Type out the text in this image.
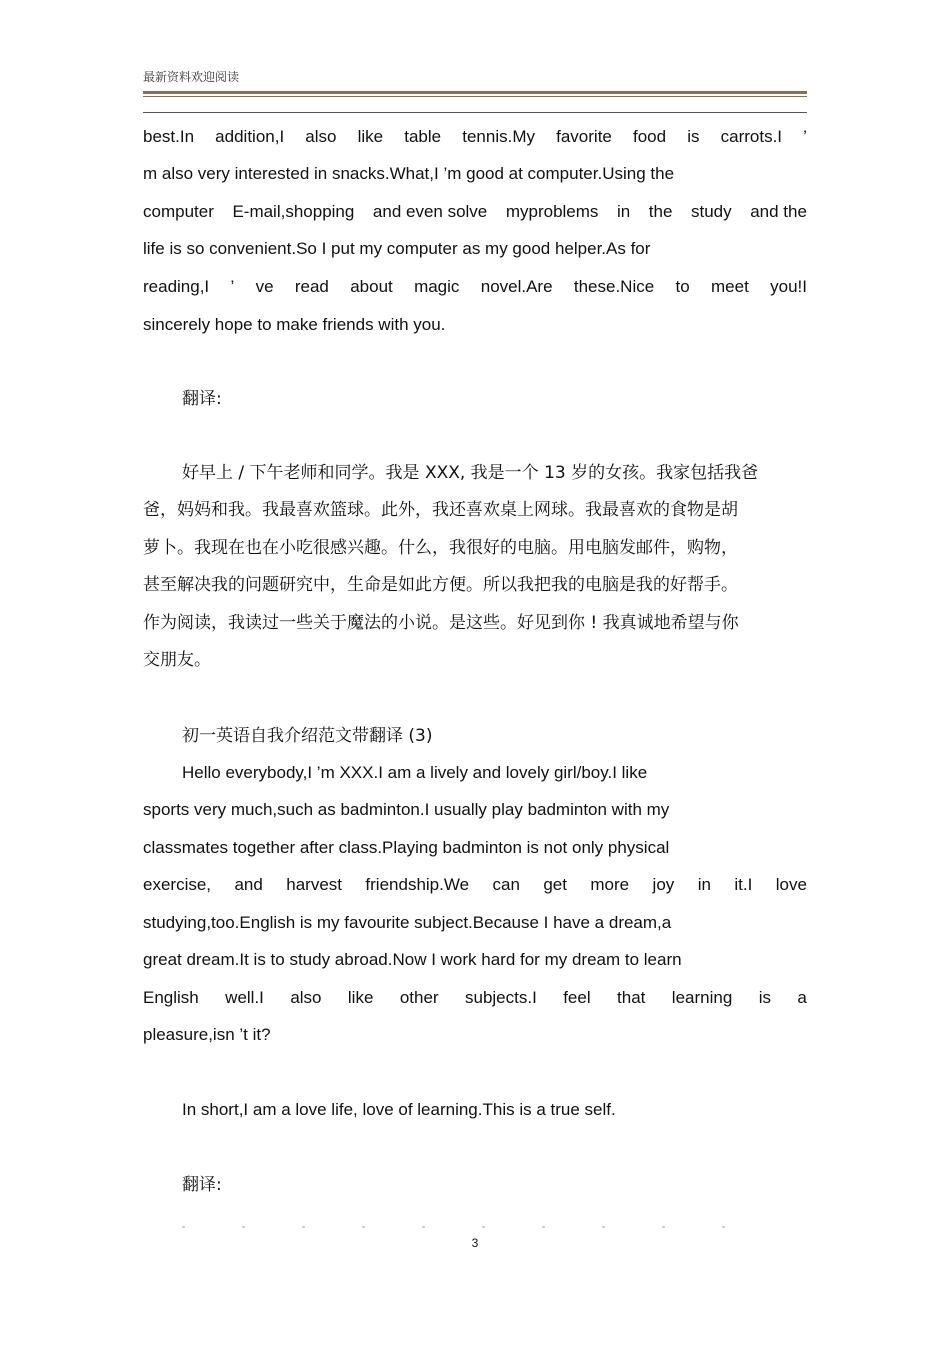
最新资料欢迎阅读
best.In addition,I also like table tennis.My favorite food is carrots.I ’
m also very interested in snacks.What,I ’m good at computer.Using the
computer E-mail,shopping and even solve myproblems in the study and the
life is so convenient.So I put my computer as my good helper.As for
reading,I ’ ve read about magic novel.Are these.Nice to meet you!I
sincerely hope to make friends with you.
翻译:
好早上 / 下午老师和同学。我是 XXX, 我是一个 13 岁的女孩。我家包括我爸
爸，妈妈和我。我最喜欢篮球。此外，我还喜欢桌上网球。我最喜欢的食物是胡
萝卜。我现在也在小吃很感兴趣。什么，我很好的电脑。用电脑发邮件，购物，
甚至解决我的问题研究中，生命是如此方便。所以我把我的电脑是我的好帮手。
作为阅读，我读过一些关于魔法的小说。是这些。好见到你 ! 我真诚地希望与你
交朋友。
初一英语自我介绍范文带翻译 (3)
Hello everybody,I ’m XXX.I am a lively and lovely girl/boy.I like
sports very much,such as badminton.I usually play badminton with my
classmates together after class.Playing badminton is not only physical
exercise, and harvest friendship.We can get more joy in it.I love
studying,too.English is my favourite subject.Because I have a dream,a
great dream.It is to study abroad.Now I work hard for my dream to learn
English well.I also like other subjects.I feel that learning is a
pleasure,isn ’t it?
In short,I am a love life, love of learning.This is a true self.
翻译:
3
